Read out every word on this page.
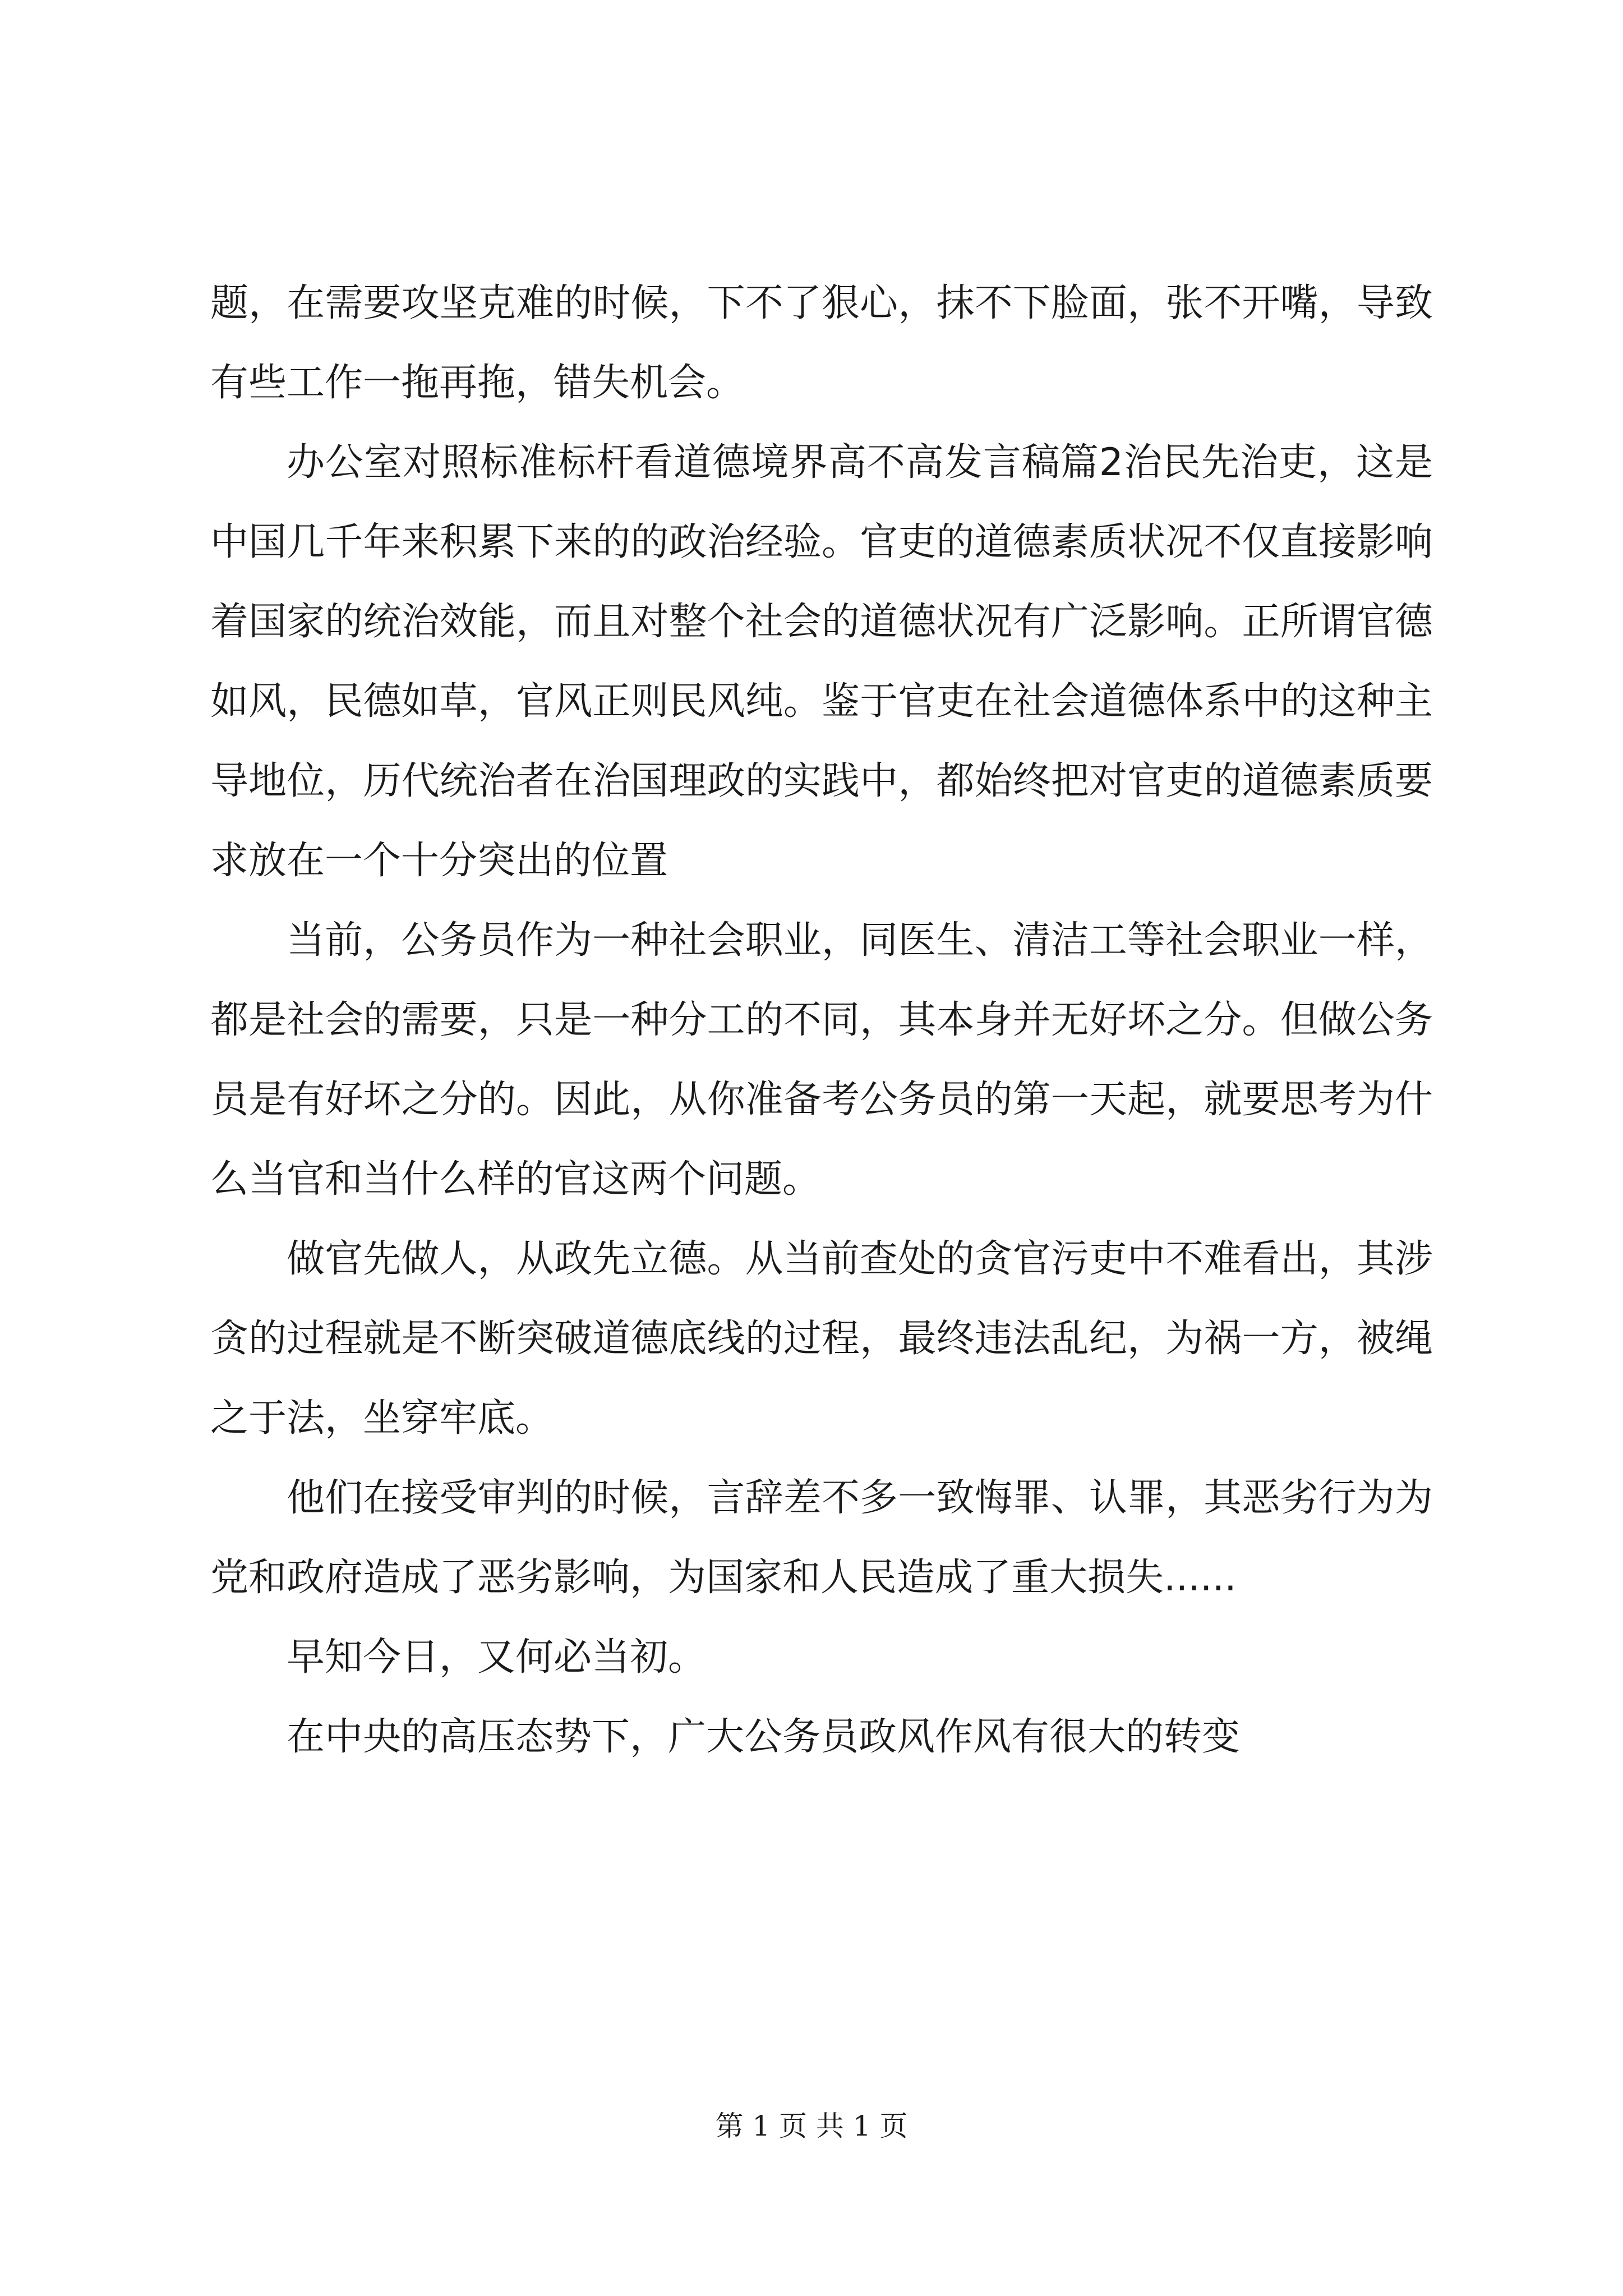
题，在需要攻坚克难的时候，下不了狠心，抹不下脸面，张不开嘴，导致有些工作一拖再拖，错失机会。

办公室对照标准标杆看道德境界高不高发言稿篇2治民先治吏，这是中国几千年来积累下来的的政治经验。官吏的道德素质状况不仅直接影响着国家的统治效能，而且对整个社会的道德状况有广泛影响。正所谓官德如风，民德如草，官风正则民风纯。鉴于官吏在社会道德体系中的这种主导地位，历代统治者在治国理政的实践中，都始终把对官吏的道德素质要求放在一个十分突出的位置

当前，公务员作为一种社会职业，同医生、清洁工等社会职业一样，都是社会的需要，只是一种分工的不同，其本身并无好坏之分。但做公务员是有好坏之分的。因此，从你准备考公务员的第一天起，就要思考为什么当官和当什么样的官这两个问题。

做官先做人，从政先立德。从当前查处的贪官污吏中不难看出，其涉贪的过程就是不断突破道德底线的过程，最终违法乱纪，为祸一方，被绳之于法，坐穿牢底。

他们在接受审判的时候，言辞差不多一致悔罪、认罪，其恶劣行为为党和政府造成了恶劣影响，为国家和人民造成了重大损失......

早知今日，又何必当初。

在中央的高压态势下，广大公务员政风作风有很大的转变

第 1 页 共 1 页
